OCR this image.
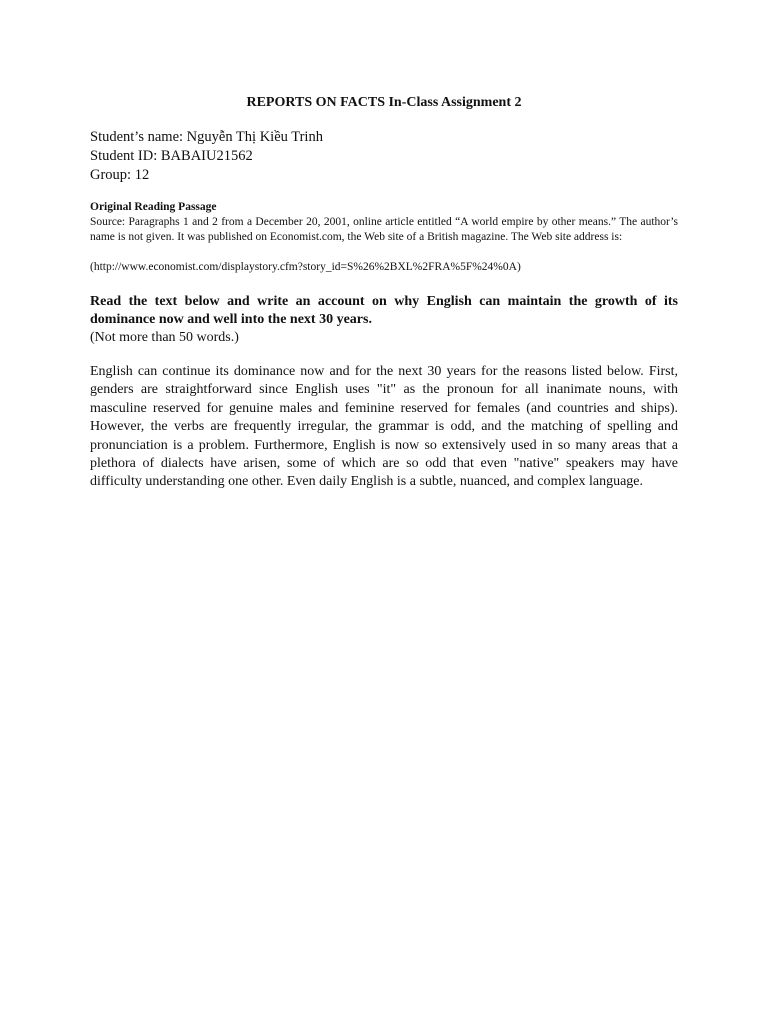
REPORTS ON FACTS In-Class Assignment 2
Student’s name: Nguyễn Thị Kiều Trinh
Student ID: BABAIU21562
Group: 12
Original Reading Passage
Source: Paragraphs 1 and 2 from a December 20, 2001, online article entitled “A world empire by other means.” The author’s name is not given. It was published on Economist.com, the Web site of a British magazine. The Web site address is:
(http://www.economist.com/displaystory.cfm?story_id=S%26%2BXL%2FRA%5F%24%0A)
Read the text below and write an account on why English can maintain the growth of its dominance now and well into the next 30 years.
(Not more than 50 words.)
English can continue its dominance now and for the next 30 years for the reasons listed below. First, genders are straightforward since English uses "it" as the pronoun for all inanimate nouns, with masculine reserved for genuine males and feminine reserved for females (and countries and ships). However, the verbs are frequently irregular, the grammar is odd, and the matching of spelling and pronunciation is a problem. Furthermore, English is now so extensively used in so many areas that a plethora of dialects have arisen, some of which are so odd that even "native" speakers may have difficulty understanding one other. Even daily English is a subtle, nuanced, and complex language.
